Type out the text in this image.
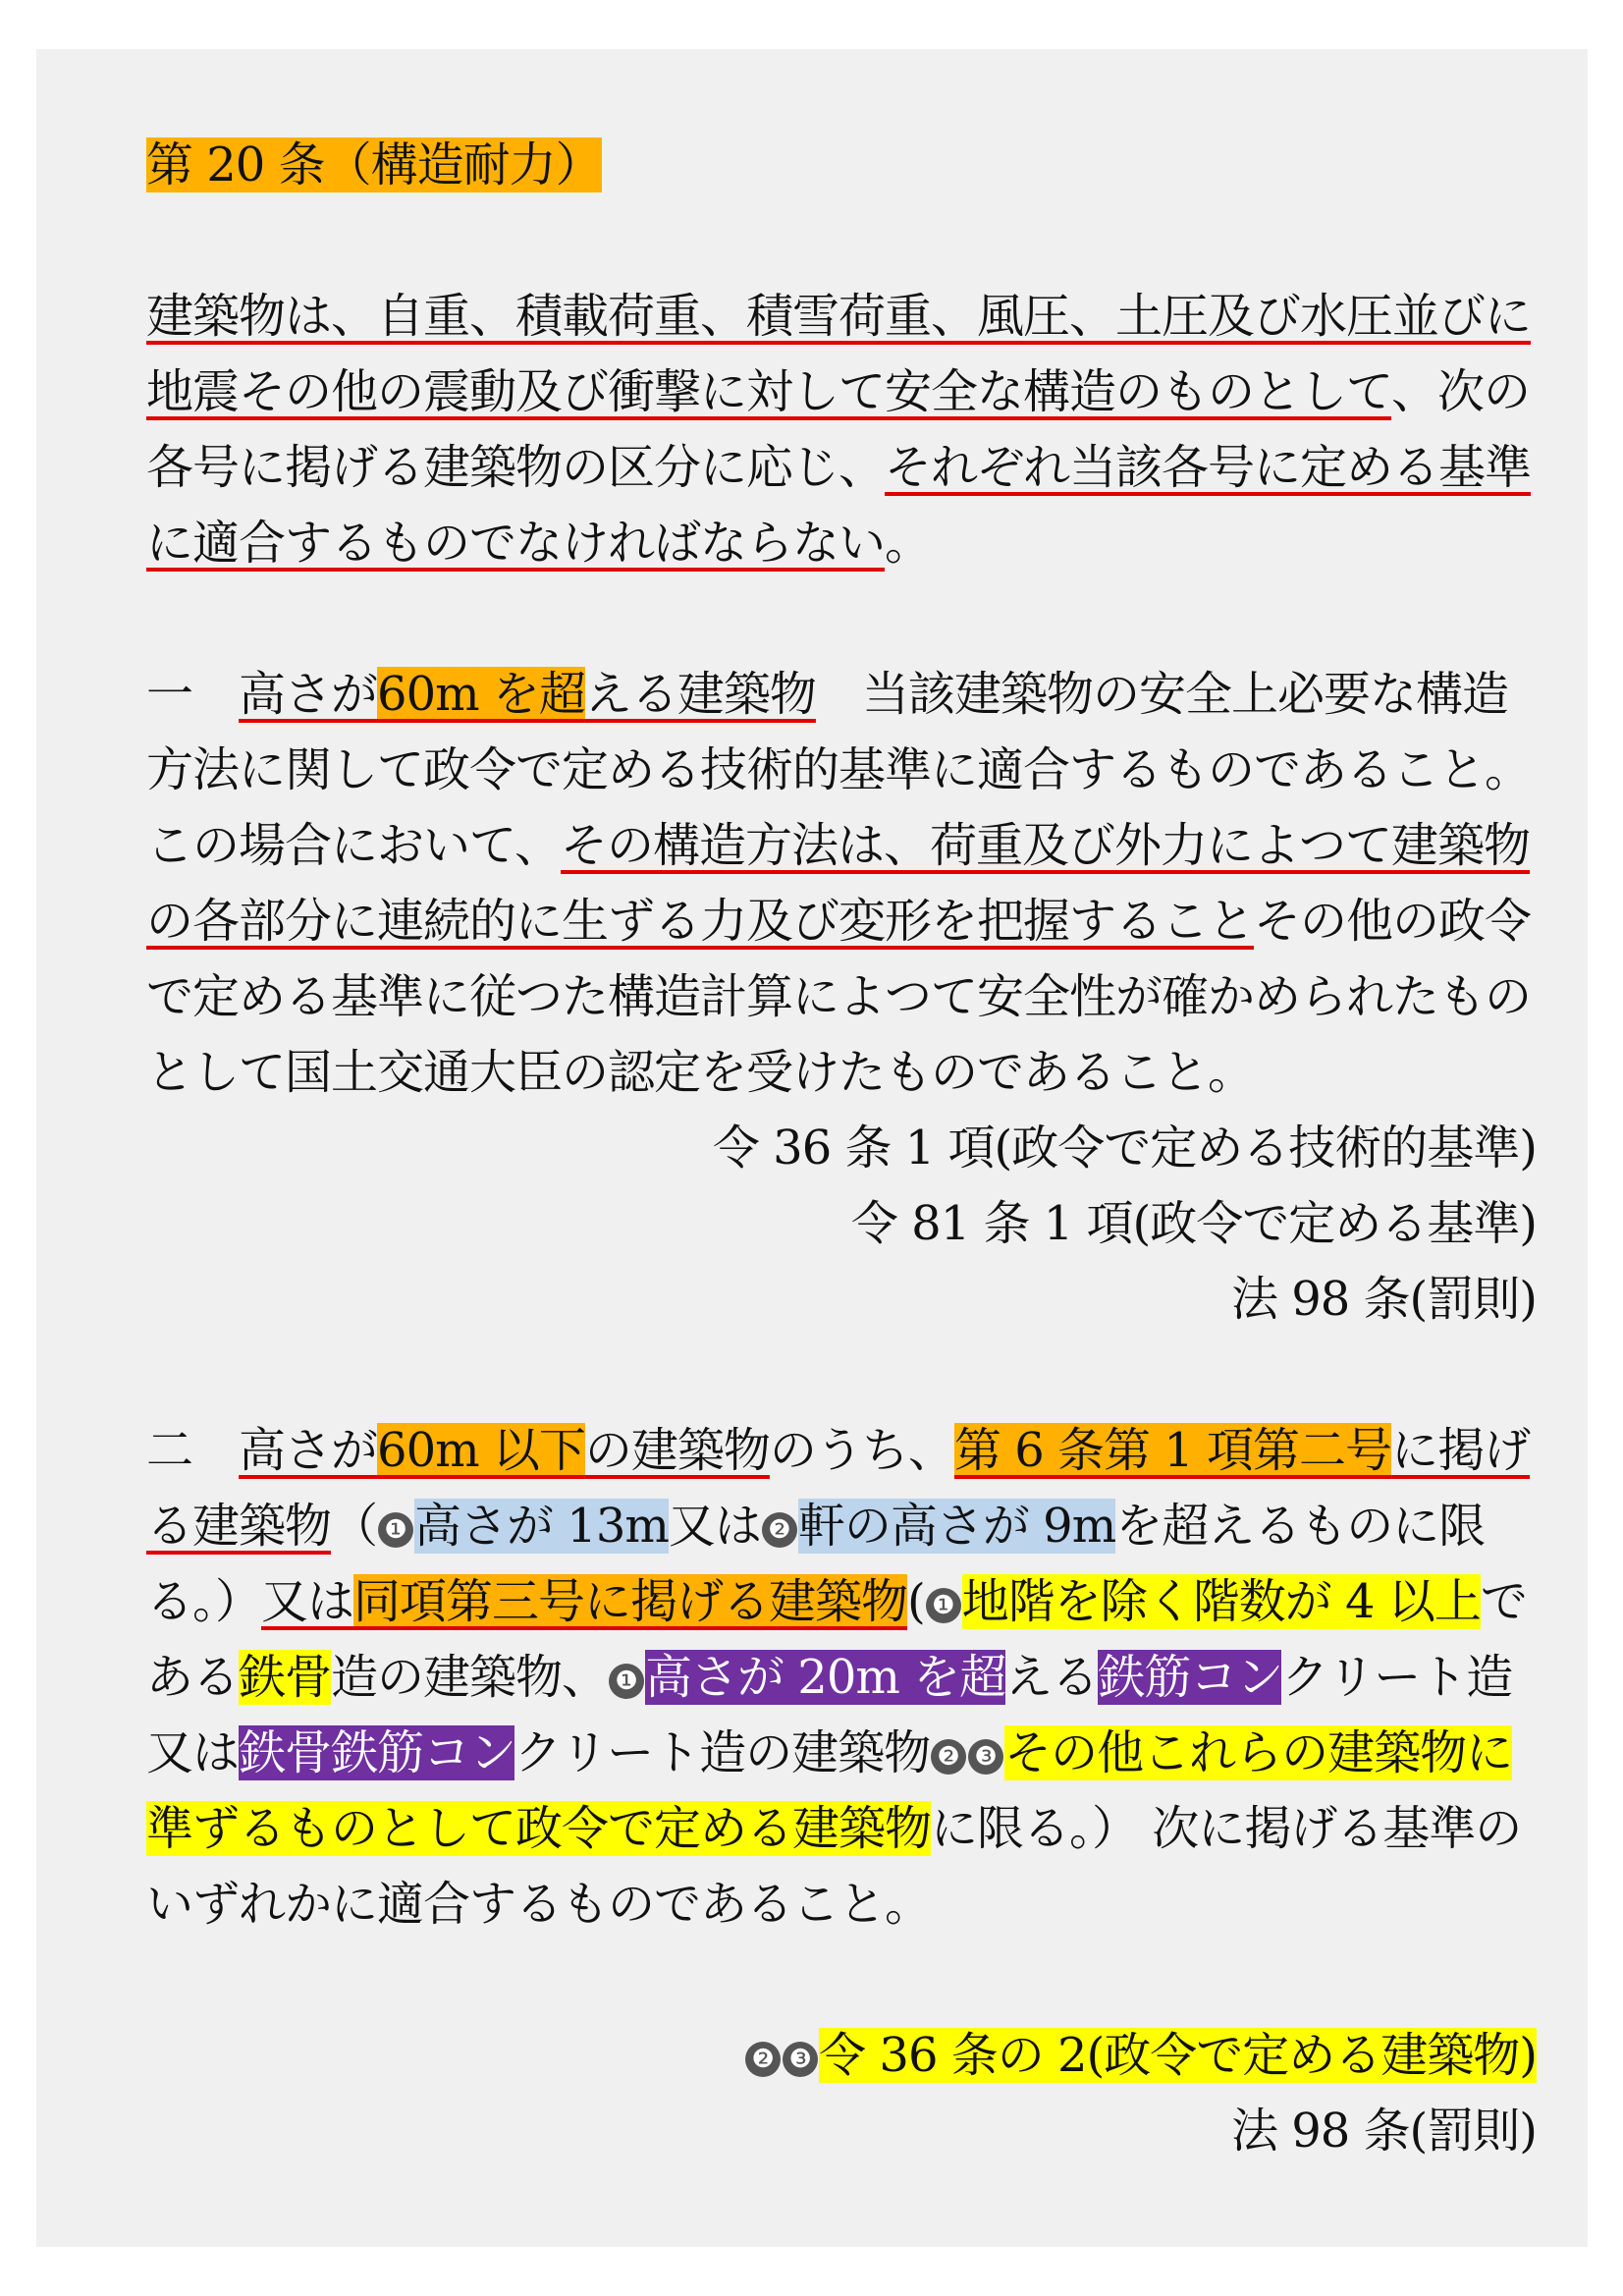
第 20 条（構造耐力）

建築物は、自重、積載荷重、積雪荷重、風圧、土圧及び水圧並びに地震その他の震動及び衝撃に対して安全な構造のものとして、次の各号に掲げる建築物の区分に応じ、それぞれ当該各号に定める基準に適合するものでなければならない。

一　 高さが60m を超える建築物　 当該建築物の安全上必要な構造方法に関して政令で定める技術的基準に適合するものであること。この場合において、その構造方法は、荷重及び外力によつて建築物の各部分に連続的に生ずる力及び変形を把握することその他の政令で定める基準に従つた構造計算によつて安全性が確かめられたものとして国土交通大臣の認定を受けたものであること。

令 36 条 1 項(政令で定める技術的基準)
令 81 条 1 項(政令で定める基準)
法 98 条(罰則)

二　 高さが60m 以下の建築物のうち、第 6 条第 1 項第二号に掲げる建築物（ ❶ 高さが 13m又は ❷ 軒の高さが 9mを超えるものに限る。）又は同項第三号に掲げる建築物( ❶ 地階を除く階数が 4 以上である鉄骨造の建築物、 ❶ 高さが 20m を超える鉄筋コンクリート造又は鉄骨鉄筋コンクリート造の建築物 ❷ ❸ その他これらの建築物に準ずるものとして政令で定める建築物に限る。） 次に掲げる基準のいずれかに適合するものであること。

❷ ❸ 令 36 条の 2(政令で定める建築物)
法 98 条(罰則)
